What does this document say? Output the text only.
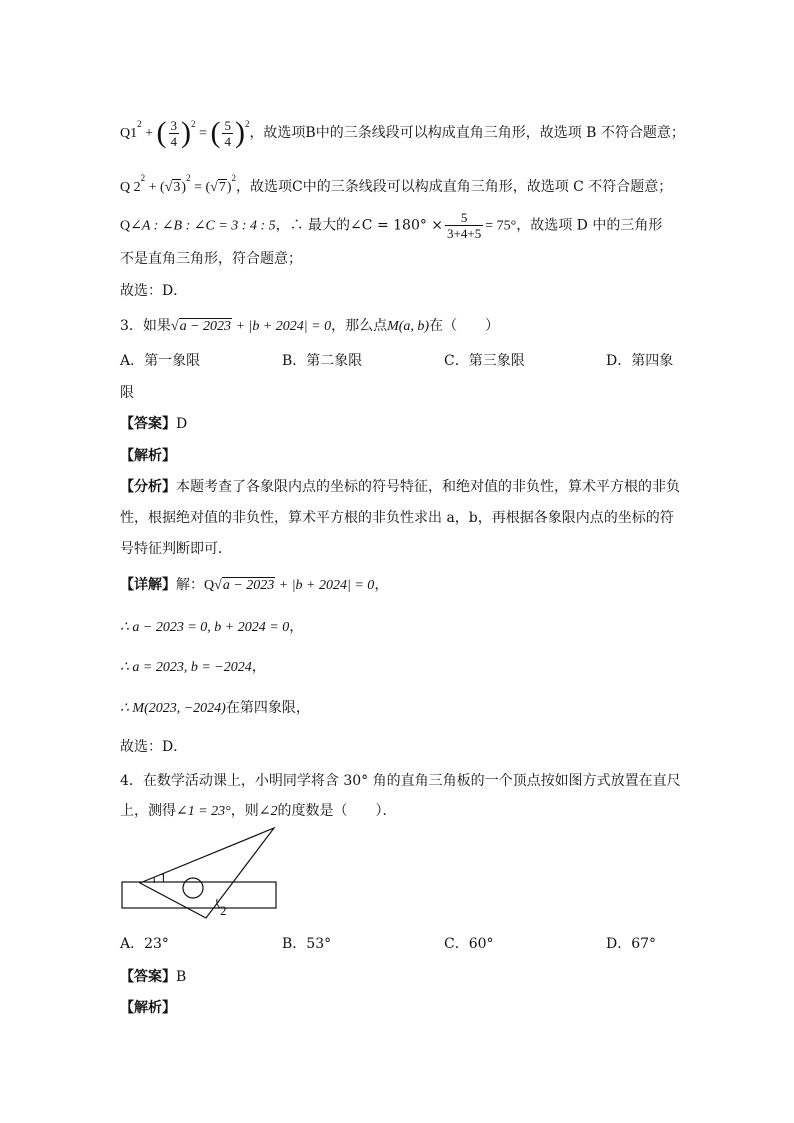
$Q1^2$ + ( $\frac{3}{4} )^2$ = ( $\frac{5}{4} )^2$，故选项B中的三条线段可以构成直角三角形，故选项 B 不符合题意；
Q $2^2 + (√3)^2 = (√7)^2$，故选项C中的三条线段可以构成直角三角形，故选项 C 不符合题意；
Q∠A : ∠B : ∠C = 3 : 4 : 5，∴ 最大的∠C = $180^\circ \times \frac{5}{3+4+5} = 75^\circ$，故选项 D 中的三角形
不是直角三角形，符合题意；
故选：D．
3．如果√a − 2023 + |b + 2024| = 0，那么点M(a, b)在（　　）
A．第一象限	B．第二象限	C．第三象限	D．第四象
限
【答案】D
【解析】
【分析】本题考查了各象限内点的坐标的符号特征，和绝对值的非负性，算术平方根的非负
性，根据绝对值的非负性，算术平方根的非负性求出 a，b，再根据各象限内点的坐标的符
号特征判断即可．
【详解】解：Q√a − 2023 + |b + 2024| = 0，
∴ a − 2023 = 0, b + 2024 = 0，
∴ a = 2023, b = −2024，
∴ M(2023, −2024)在第四象限，
故选：D．
4．在数学活动课上，小明同学将含 30° 角的直角三角板的一个顶点按如图方式放置在直尺
上，测得∠1 = 23°，则∠2的度数是（　　）．
1
2
A．23°	B．53°	C．60°	D．67°
【答案】B
【解析】
